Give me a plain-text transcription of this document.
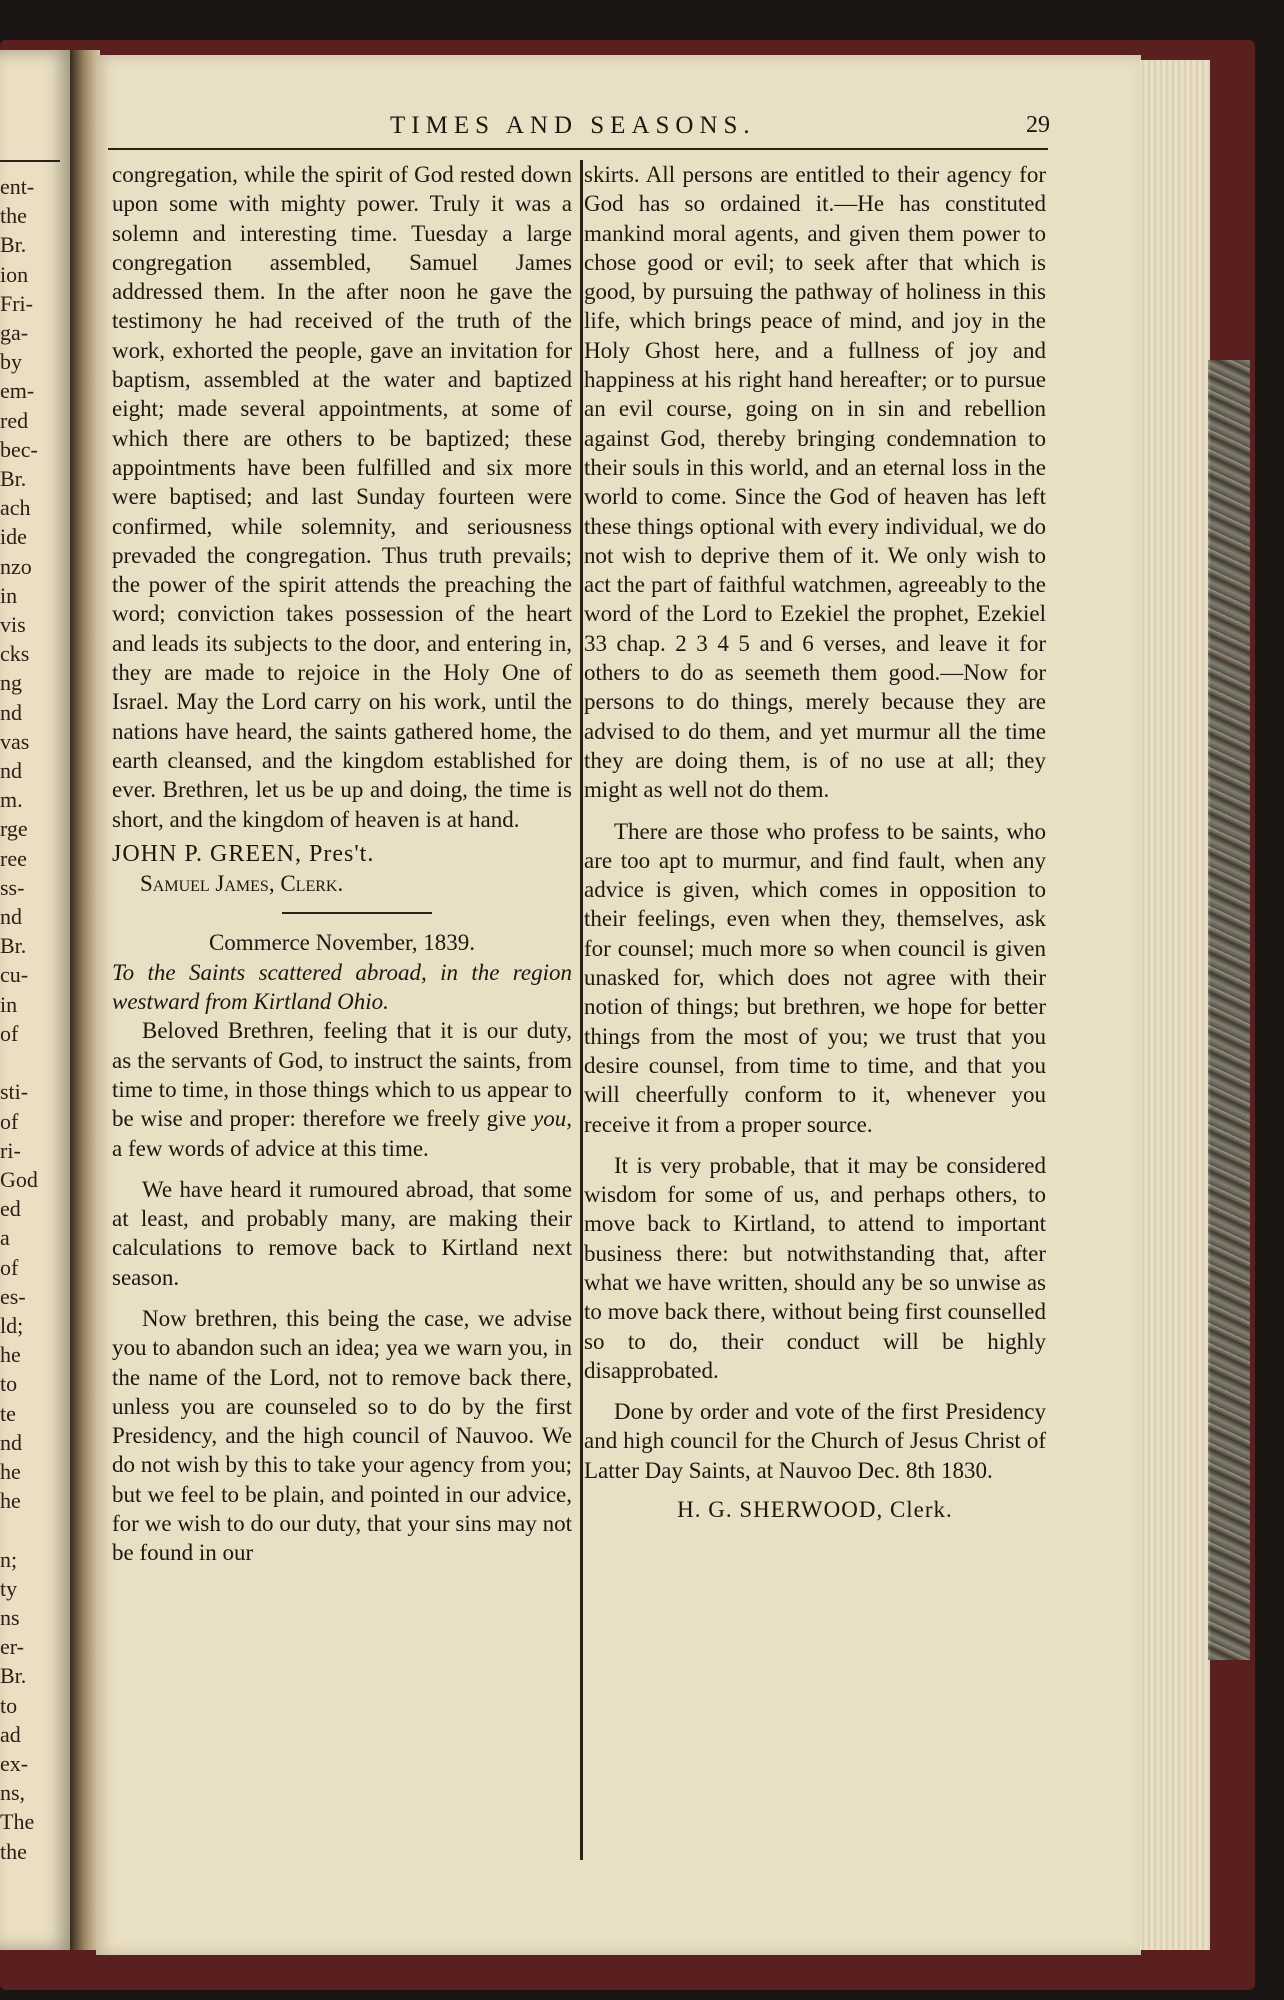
ent-
the
Br.
ion
Fri-
ga-
by
em-
red
bec-
Br.
ach
ide
nzo
in
vis
cks
ng
nd
vas
nd
m.
rge
ree
ss-
nd
Br.
cu-
in
of

sti-
of
ri-
God
ed
a
of
es-
ld;
he
to
te
nd
he
he

n;
ty
ns
er-
Br.
to
ad
ex-
ns,
The
the
TIMES AND SEASONS.	29

congregation, while the spirit of God rested down upon some with mighty power. Truly it was a solemn and interesting time. Tuesday a large congregation assembled, Samuel James addressed them. In the after noon he gave the testimony he had received of the truth of the work, exhorted the people, gave an invitation for baptism, assembled at the water and baptized eight; made several appointments, at some of which there are others to be baptized; these appointments have been fulfilled and six more were baptised; and last Sunday fourteen were confirmed, while solemnity, and seriousness prevaded the congregation. Thus truth prevails; the power of the spirit attends the preaching the word; conviction takes possession of the heart and leads its subjects to the door, and entering in, they are made to rejoice in the Holy One of Israel. May the Lord carry on his work, until the nations have heard, the saints gathered home, the earth cleansed, and the kingdom established for ever. Brethren, let us be up and doing, the time is short, and the kingdom of heaven is at hand.

JOHN P. GREEN, Pres't.

Samuel James, Clerk.

Commerce November, 1839.

To the Saints scattered abroad, in the region westward from Kirtland Ohio.

Beloved Brethren, feeling that it is our duty, as the servants of God, to instruct the saints, from time to time, in those things which to us appear to be wise and proper: therefore we freely give you, a few words of advice at this time.

We have heard it rumoured abroad, that some at least, and probably many, are making their calculations to remove back to Kirtland next season.

Now brethren, this being the case, we advise you to abandon such an idea; yea we warn you, in the name of the Lord, not to remove back there, unless you are counseled so to do by the first Presidency, and the high council of Nauvoo. We do not wish by this to take your agency from you; but we feel to be plain, and pointed in our advice, for we wish to do our duty, that your sins may not be found in our

skirts. All persons are entitled to their agency for God has so ordained it.—He has constituted mankind moral agents, and given them power to chose good or evil; to seek after that which is good, by pursuing the pathway of holiness in this life, which brings peace of mind, and joy in the Holy Ghost here, and a fullness of joy and happiness at his right hand hereafter; or to pursue an evil course, going on in sin and rebellion against God, thereby bringing condemnation to their souls in this world, and an eternal loss in the world to come. Since the God of heaven has left these things optional with every individual, we do not wish to deprive them of it. We only wish to act the part of faithful watchmen, agreeably to the word of the Lord to Ezekiel the prophet, Ezekiel 33 chap. 2 3 4 5 and 6 verses, and leave it for others to do as seemeth them good.—Now for persons to do things, merely because they are advised to do them, and yet murmur all the time they are doing them, is of no use at all; they might as well not do them.

There are those who profess to be saints, who are too apt to murmur, and find fault, when any advice is given, which comes in opposition to their feelings, even when they, themselves, ask for counsel; much more so when council is given unasked for, which does not agree with their notion of things; but brethren, we hope for better things from the most of you; we trust that you desire counsel, from time to time, and that you will cheerfully conform to it, whenever you receive it from a proper source.

It is very probable, that it may be considered wisdom for some of us, and perhaps others, to move back to Kirtland, to attend to important business there: but notwithstanding that, after what we have written, should any be so unwise as to move back there, without being first counselled so to do, their conduct will be highly disapprobated.

Done by order and vote of the first Presidency and high council for the Church of Jesus Christ of Latter Day Saints, at Nauvoo Dec. 8th 1830.

H. G. SHERWOOD, Clerk.
